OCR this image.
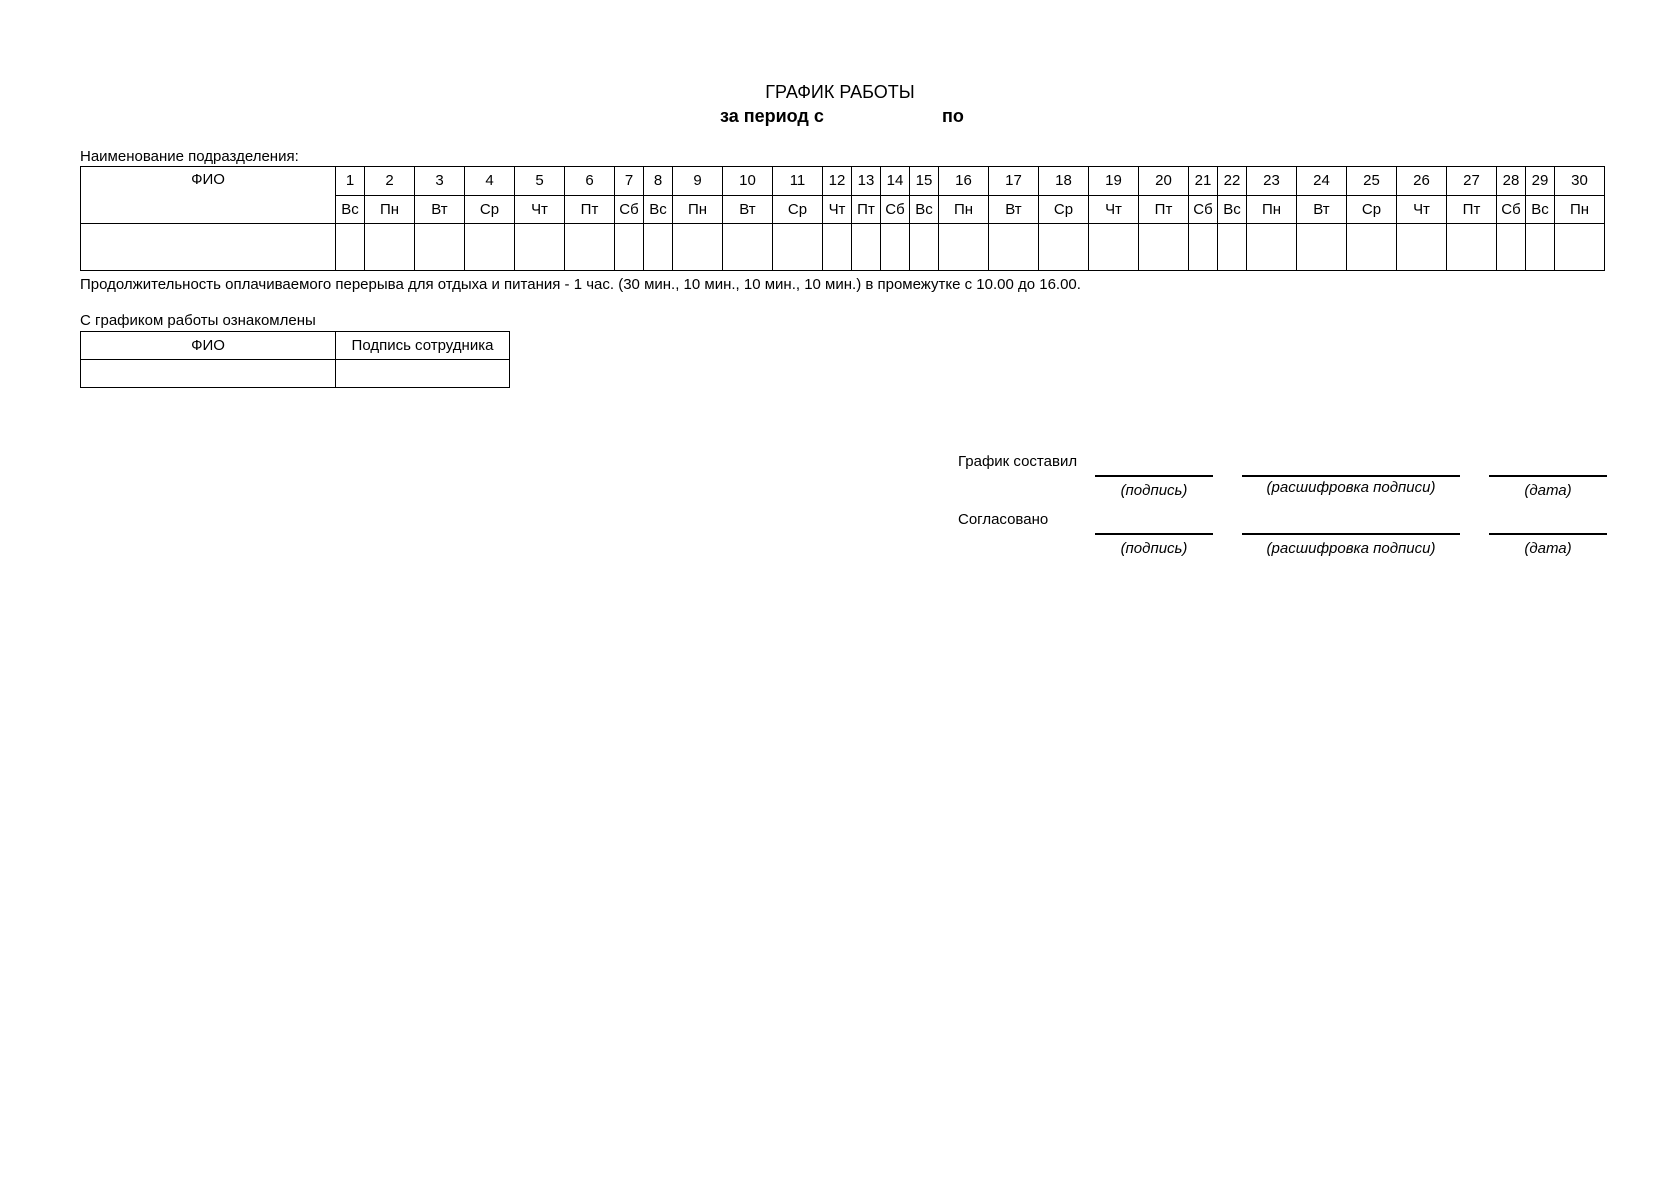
ГРАФИК РАБОТЫ
за период с	по
Наименование подразделения:
ФИО	1	2	3	4	5	6	7	8	9	10	11	12	13	14	15	16	17	18	19	20	21	22	23	24	25	26	27	28	29	30
	Вс	Пн	Вт	Ср	Чт	Пт	Сб	Вс	Пн	Вт	Ср	Чт	Пт	Сб	Вс	Пн	Вт	Ср	Чт	Пт	Сб	Вс	Пн	Вт	Ср	Чт	Пт	Сб	Вс	Пн

Продолжительность оплачиваемого перерыва для отдыха и питания - 1 час. (30 мин., 10 мин., 10 мин., 10 мин.) в промежутке с 10.00 до 16.00.
С графиком работы ознакомлены
ФИО	Подпись сотрудника

График составил
(подпись)	(расшифровка подписи)	(дата)
Согласовано
(подпись)	(расшифровка подписи)	(дата)
